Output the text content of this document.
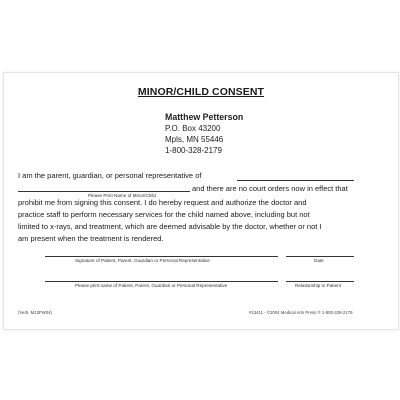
MINOR/CHILD CONSENT
Matthew Petterson
P.O. Box 43200
Mpls, MN 55446
1-800-328-2179
I am the parent, guardian, or personal representative of
Please Print Name of Minor/Child
and there are no court orders now in effect that
prohibit me from signing this consent. I do hereby request and authorize the doctor and
practice staff to perform necessary services for the child named above, including but not
limited to x-rays, and treatment, which are deemed advisable by the doctor, whether or not I
am present when the treatment is rendered.
Signature of Patient, Parent, Guardian or Personal Representative	Date
Please print name of Patient, Parent, Guardian or Personal Representative	Relationship to Patient
(Verb. M13FW04)	#13411 - ©2004 Medical Arts Press ® 1-800-328-2179
